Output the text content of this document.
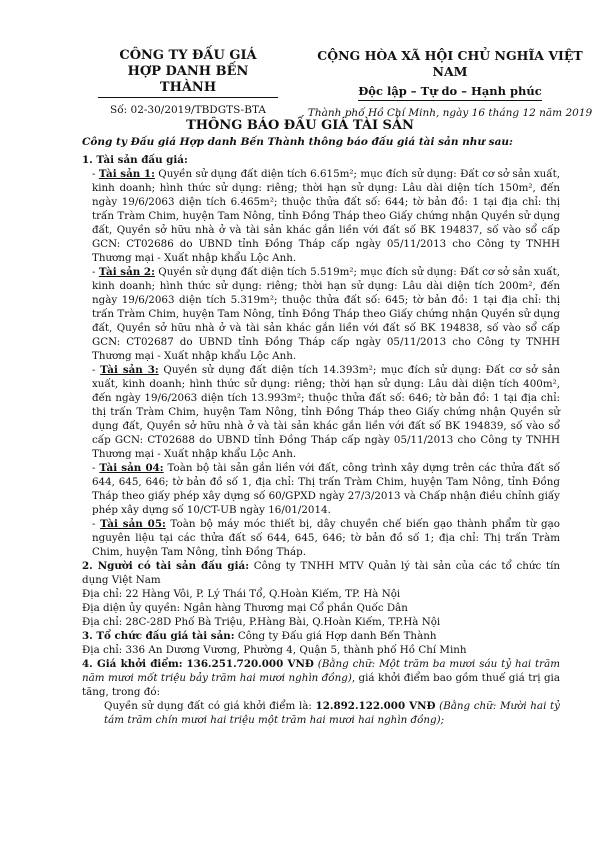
CÔNG TY ĐẤU GIÁ
HỢP DANH BẾN THÀNH
Số: 02-30/2019/TBDGTS-BTA
CỘNG HÒA XÃ HỘI CHỦ NGHĨA VIỆT NAM
Độc lập – Tự do – Hạnh phúc
Thành phố Hồ Chí Minh, ngày 16 tháng 12 năm 2019
THÔNG BÁO ĐẤU GIÁ TÀI SẢN
Công ty Đấu giá Hợp danh Bến Thành thông báo đấu giá tài sản như sau:

1. Tài sản đấu giá:

- Tài sản 1: Quyền sử dụng đất diện tích 6.615m²; mục đích sử dụng: Đất cơ sở sản xuất, kinh doanh; hình thức sử dụng: riêng; thời hạn sử dụng: Lâu dài diện tích 150m², đến ngày 19/6/2063 diện tích 6.465m²; thuộc thửa đất số: 644; tờ bản đồ: 1 tại địa chỉ: thị trấn Tràm Chim, huyện Tam Nông, tỉnh Đồng Tháp theo Giấy chứng nhận Quyền sử dụng đất, Quyền sở hữu nhà ở và tài sản khác gắn liền với đất số BK 194837, số vào sổ cấp GCN: CT02686 do UBND tỉnh Đồng Tháp cấp ngày 05/11/2013 cho Công ty TNHH Thương mại - Xuất nhập khẩu Lộc Anh.

- Tài sản 2: Quyền sử dụng đất diện tích 5.519m²; mục đích sử dụng: Đất cơ sở sản xuất, kinh doanh; hình thức sử dụng: riêng; thời hạn sử dụng: Lâu dài diện tích 200m², đến ngày 19/6/2063 diện tích 5.319m²; thuộc thửa đất số: 645; tờ bản đồ: 1 tại địa chỉ: thị trấn Tràm Chim, huyện Tam Nông, tỉnh Đồng Tháp theo Giấy chứng nhận Quyền sử dụng đất, Quyền sở hữu nhà ở và tài sản khác gắn liền với đất số BK 194838, số vào sổ cấp GCN: CT02687 do UBND tỉnh Đồng Tháp cấp ngày 05/11/2013 cho Công ty TNHH Thương mại - Xuất nhập khẩu Lộc Anh.

- Tài sản 3: Quyền sử dụng đất diện tích 14.393m²; mục đích sử dụng: Đất cơ sở sản xuất, kinh doanh; hình thức sử dụng: riêng; thời hạn sử dụng: Lâu dài diện tích 400m², đến ngày 19/6/2063 diện tích 13.993m²; thuộc thửa đất số: 646; tờ bản đồ: 1 tại địa chỉ: thị trấn Tràm Chim, huyện Tam Nông, tỉnh Đồng Tháp theo Giấy chứng nhận Quyền sử dụng đất, Quyền sở hữu nhà ở và tài sản khác gắn liền với đất số BK 194839, số vào sổ cấp GCN: CT02688 do UBND tỉnh Đồng Tháp cấp ngày 05/11/2013 cho Công ty TNHH Thương mại - Xuất nhập khẩu Lộc Anh.

- Tài sản 04: Toàn bộ tài sản gắn liền với đất, công trình xây dựng trên các thửa đất số 644, 645, 646; tờ bản đồ số 1, địa chỉ: Thị trấn Tràm Chim, huyện Tam Nông, tỉnh Đồng Tháp theo giấy phép xây dựng số 60/GPXD ngày 27/3/2013 và Chấp nhận điều chỉnh giấy phép xây dựng số 10/CT-UB ngày 16/01/2014.

- Tài sản 05: Toàn bộ máy móc thiết bị, dây chuyền chế biến gạo thành phẩm từ gạo nguyên liệu tại các thửa đất số 644, 645, 646; tờ bản đồ số 1; địa chỉ: Thị trấn Tràm Chim, huyện Tam Nông, tỉnh Đồng Tháp.

2. Người có tài sản đấu giá: Công ty TNHH MTV Quản lý tài sản của các tổ chức tín dụng Việt Nam

Địa chỉ: 22 Hàng Vôi, P. Lý Thái Tổ, Q.Hoàn Kiếm, TP. Hà Nội

Địa diện ủy quyền: Ngân hàng Thương mại Cổ phần Quốc Dân

Địa chỉ: 28C-28D Phố Bà Triệu, P.Hàng Bài, Q.Hoàn Kiếm, TP.Hà Nội

3. Tổ chức đấu giá tài sản: Công ty Đấu giá Hợp danh Bến Thành

Địa chỉ: 336 An Dương Vương, Phường 4, Quận 5, thành phố Hồ Chí Minh

4. Giá khởi điểm: 136.251.720.000 VNĐ (Bằng chữ: Một trăm ba mươi sáu tỷ hai trăm năm mươi mốt triệu bảy trăm hai mươi nghìn đồng), giá khởi điểm bao gồm thuế giá trị gia tăng, trong đó:

Quyền sử dụng đất có giá khởi điểm là: 12.892.122.000 VNĐ (Bằng chữ: Mười hai tỷ tám trăm chín mươi hai triệu một trăm hai mươi hai nghìn đồng);
